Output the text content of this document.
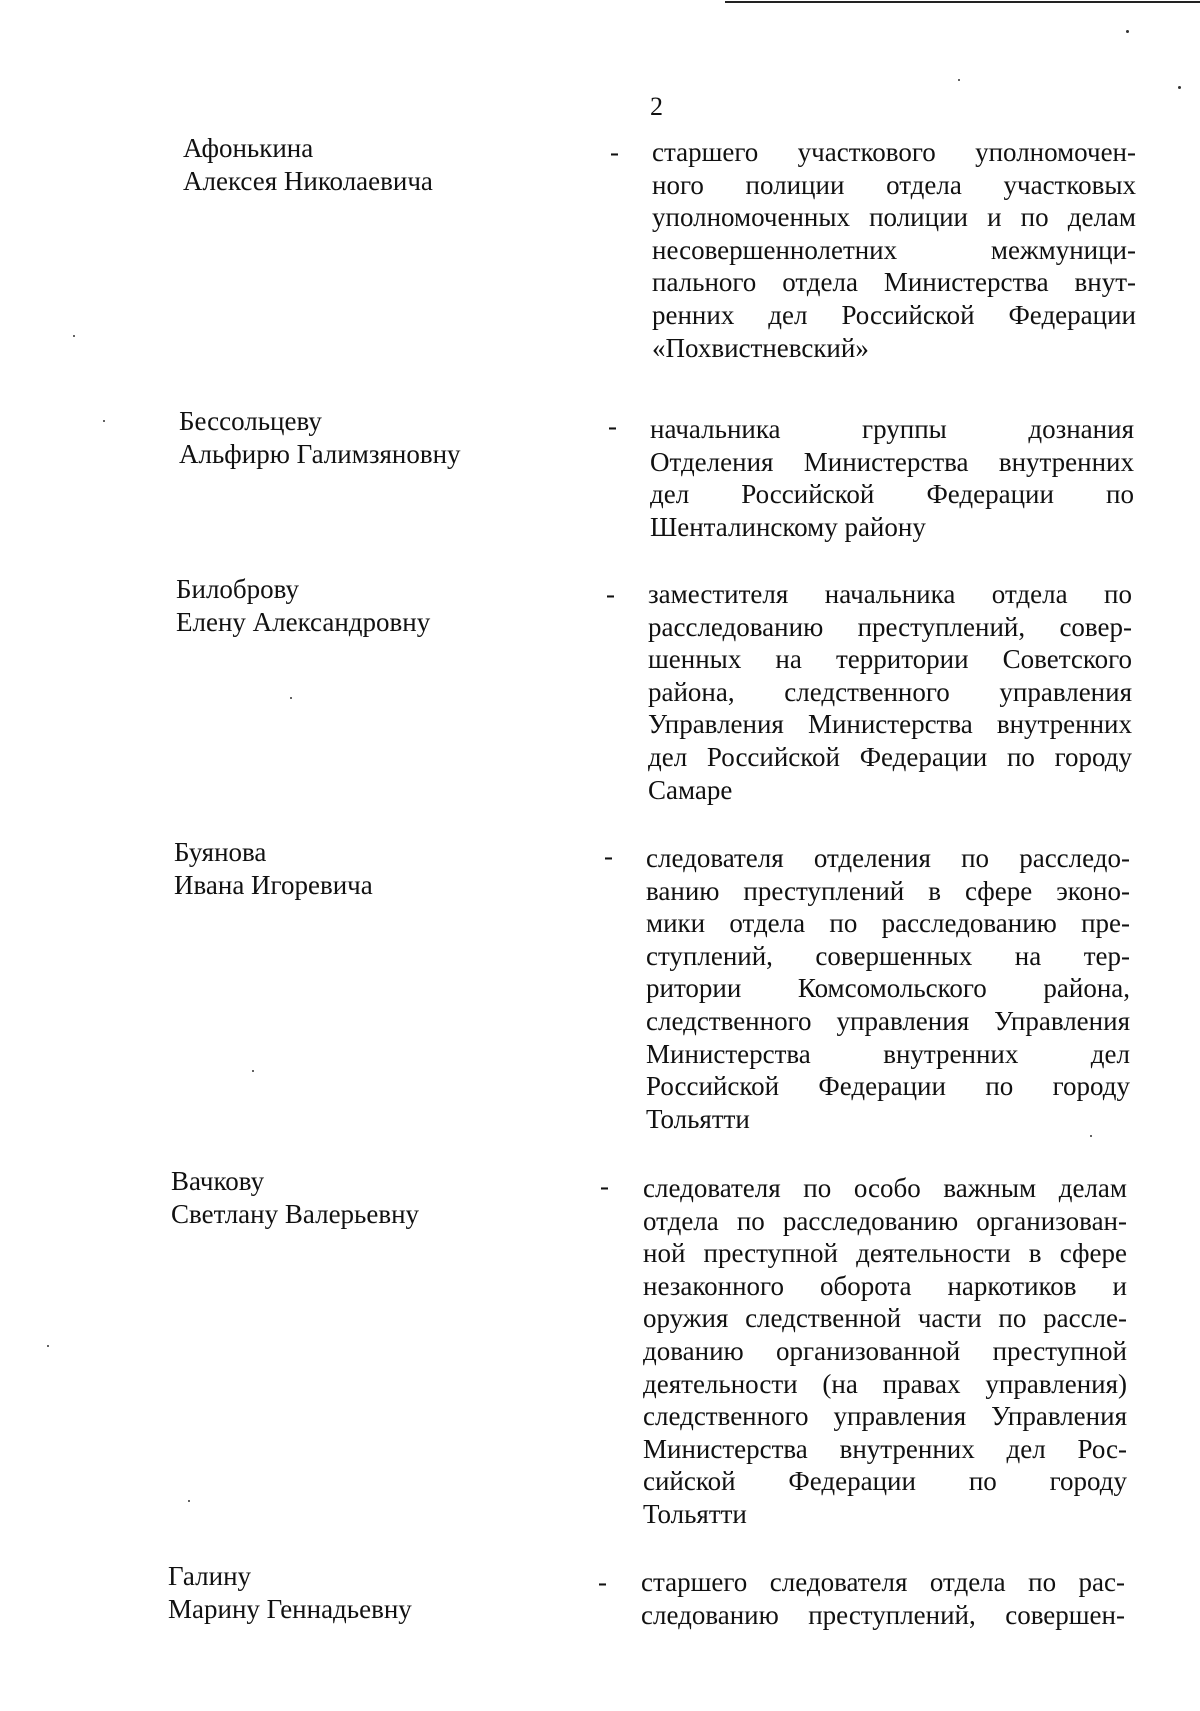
2
Афонькина
Алексея Николаевича
- старшего участкового уполномочен-
ного полиции отдела участковых
уполномоченных полиции и по делам
несовершеннолетних межмуници-
пального отдела Министерства внут-
ренних дел Российской Федерации
«Похвистневский»
Бессольцеву
Альфирю Галимзяновну
- начальника группы дознания
Отделения Министерства внутренних
дел Российской Федерации по
Шенталинскому району
Билоброву
Елену Александровну
- заместителя начальника отдела по
расследованию преступлений, совер-
шенных на территории Советского
района, следственного управления
Управления Министерства внутренних
дел Российской Федерации по городу
Самаре
Буянова
Ивана Игоревича
- следователя отделения по расследо-
ванию преступлений в сфере эконо-
мики отдела по расследованию пре-
ступлений, совершенных на тер-
ритории Комсомольского района,
следственного управления Управления
Министерства внутренних дел
Российской Федерации по городу
Тольятти
Вачкову
Светлану Валерьевну
- следователя по особо важным делам
отдела по расследованию организован-
ной преступной деятельности в сфере
незаконного оборота наркотиков и
оружия следственной части по рассле-
дованию организованной преступной
деятельности (на правах управления)
следственного управления Управления
Министерства внутренних дел Рос-
сийской Федерации по городу
Тольятти
Галину
Марину Геннадьевну
- старшего следователя отдела по рас-
следованию преступлений, совершен-
